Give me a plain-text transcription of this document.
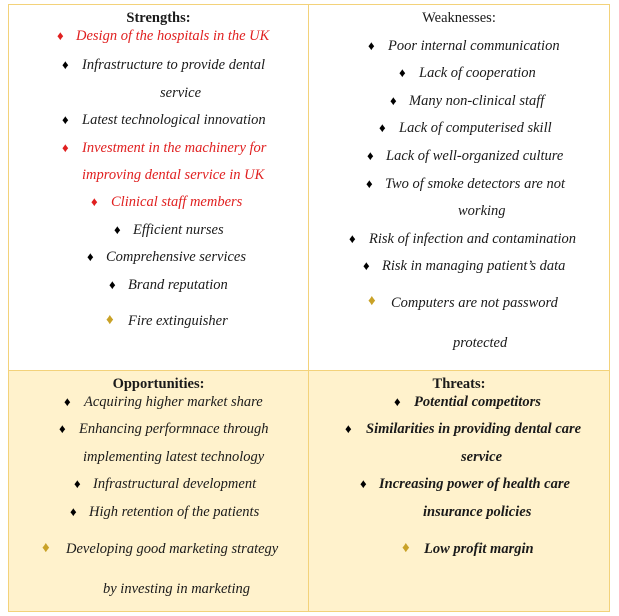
Strengths:
♦ Design of the hospitals in the UK
♦ Infrastructure to provide dental
service
♦ Latest technological innovation
♦ Investment in the machinery for
improving dental service in UK
♦ Clinical staff members
♦ Efficient nurses
♦ Comprehensive services
♦ Brand reputation
♦ Fire extinguisher
Weaknesses:
♦ Poor internal communication
♦ Lack of cooperation
♦ Many non-clinical staff
♦ Lack of computerised skill
♦ Lack of well-organized culture
♦ Two of smoke detectors are not
working
♦ Risk of infection and contamination
♦ Risk in managing patient’s data
♦ Computers are not password
protected
Opportunities:
♦ Acquiring higher market share
♦ Enhancing performnace through
implementing latest technology
♦ Infrastructural development
♦ High retention of the patients
♦ Developing good marketing strategy
by investing in marketing
Threats:
♦ Potential competitors
♦ Similarities in providing dental care
service
♦ Increasing power of health care
insurance policies
♦ Low profit margin
